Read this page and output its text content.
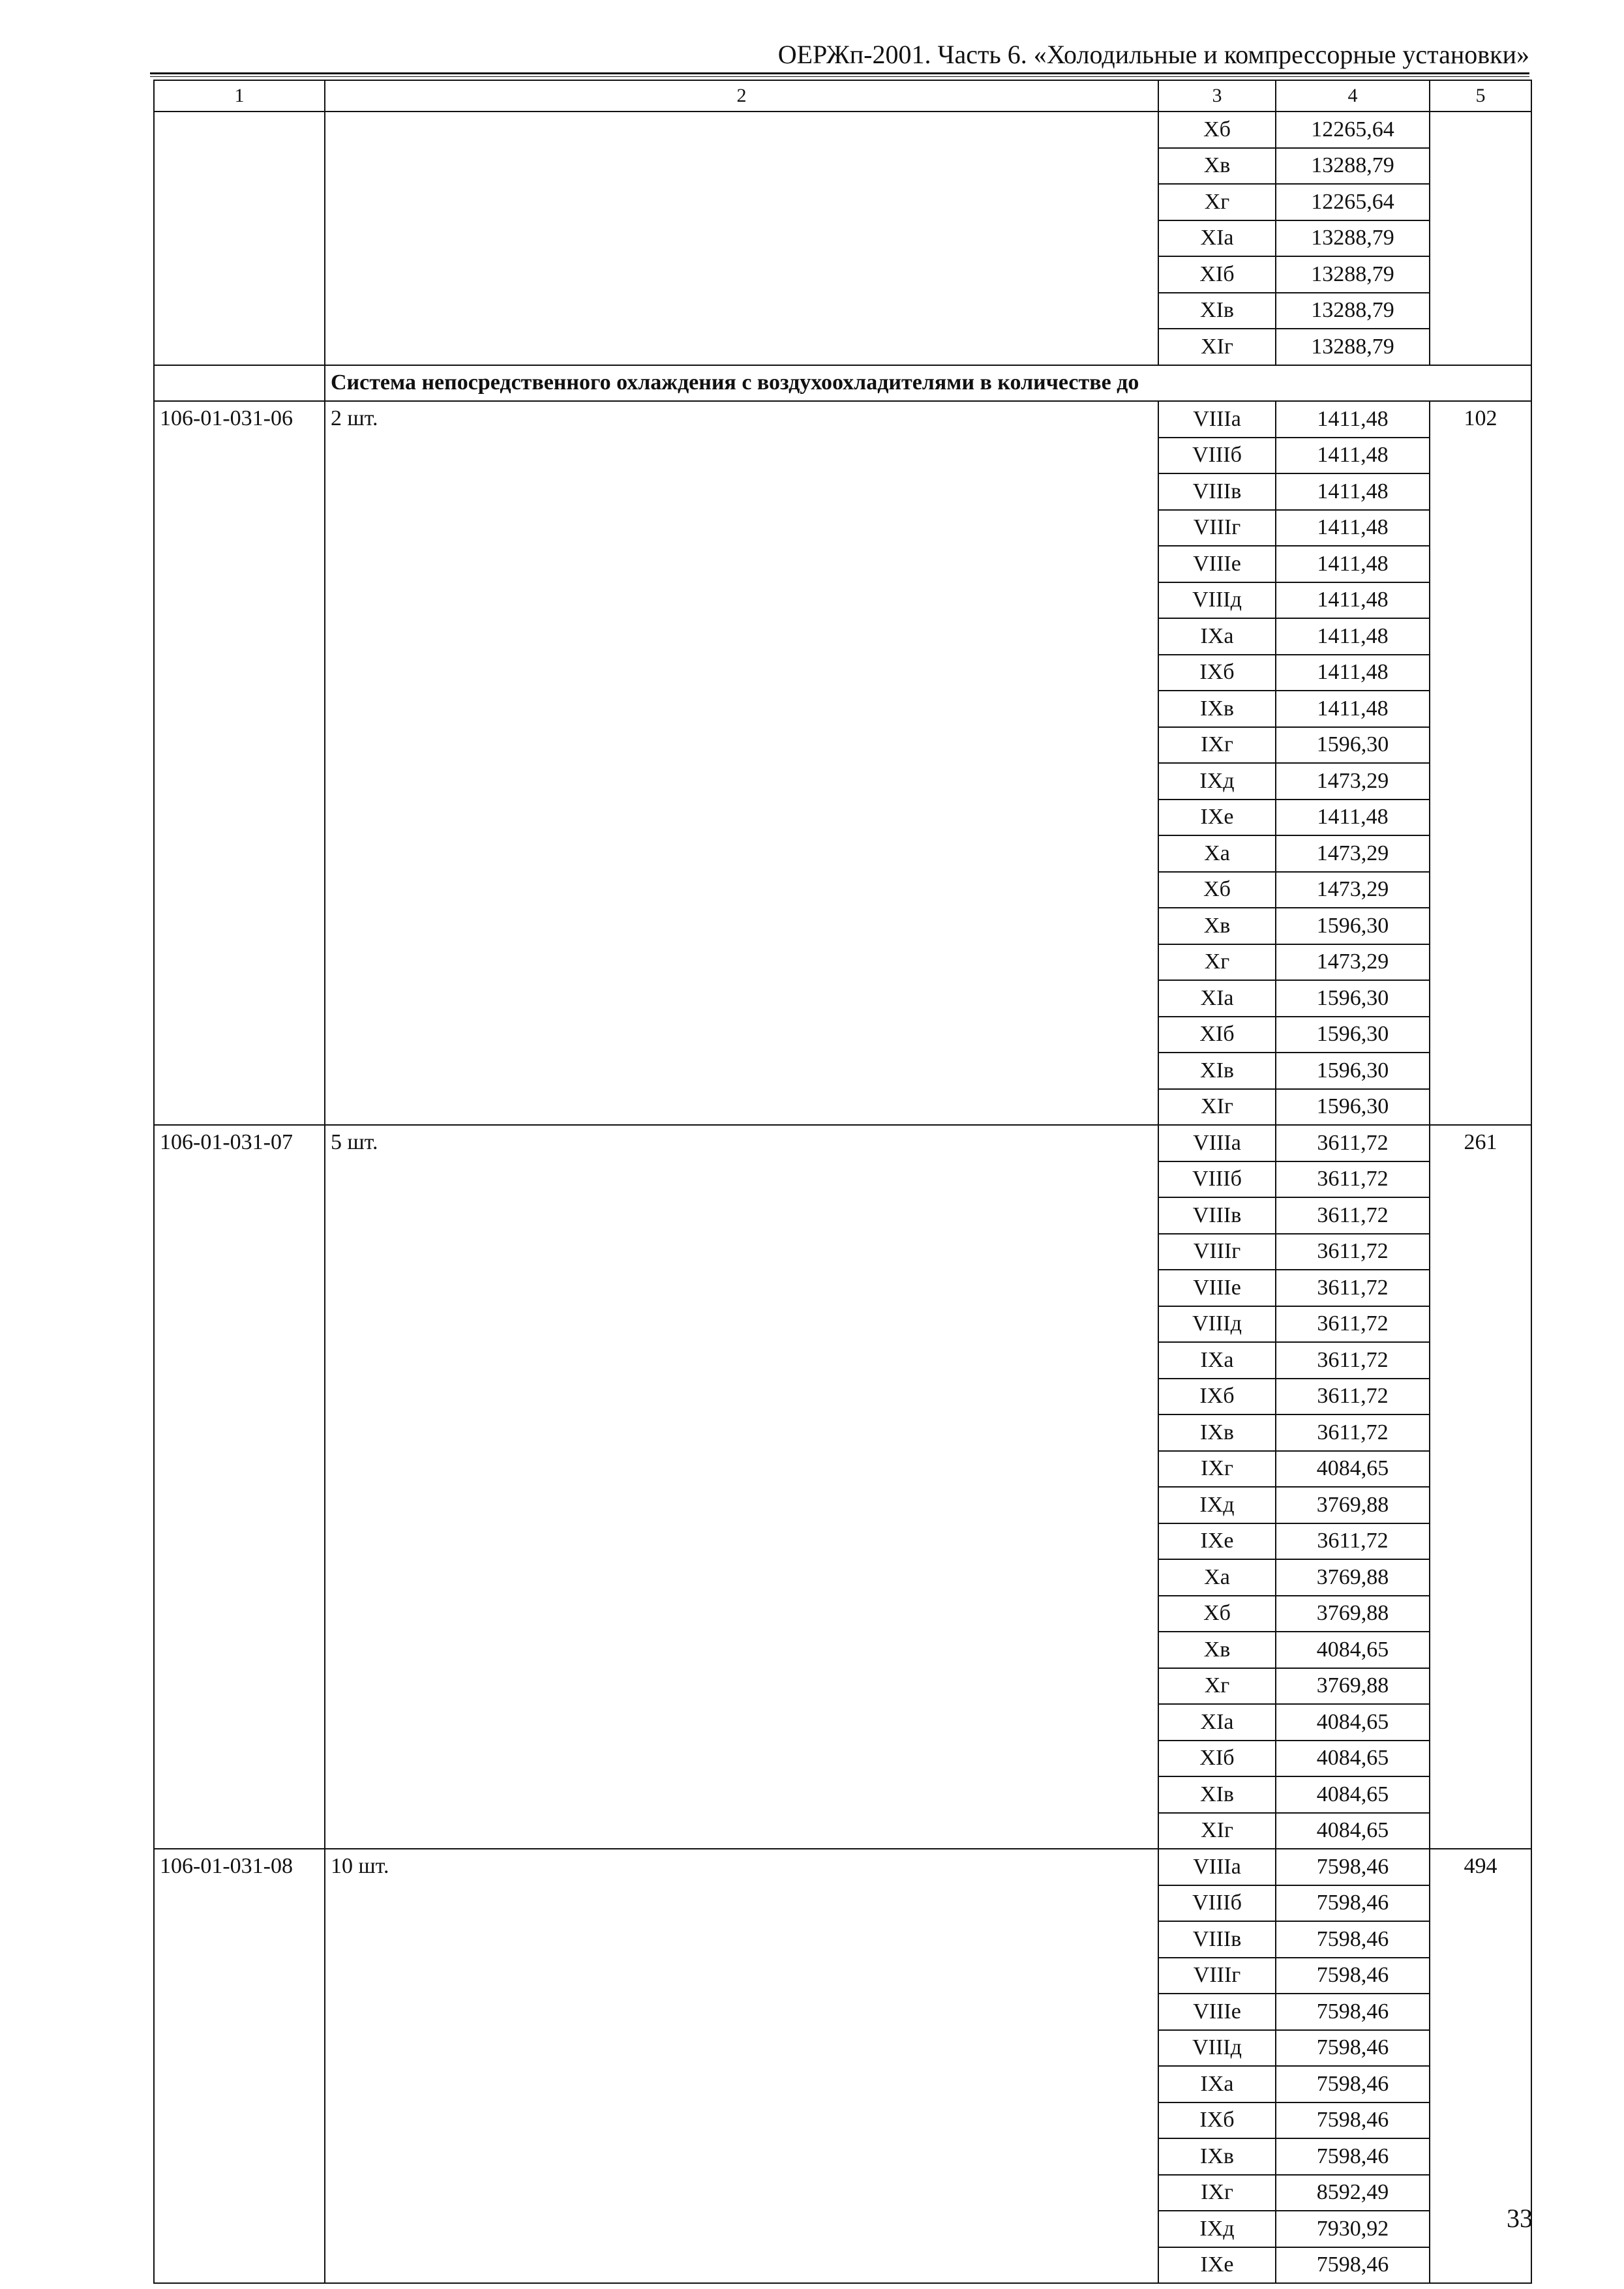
ОЕРЖп-2001. Часть 6. «Холодильные и компрессорные установки»
1	2	3	4	5
		Хб	12265,64	
		Хв	13288,79	
		Хг	12265,64	
		XIа	13288,79	
		XIб	13288,79	
		XIв	13288,79	
		XIг	13288,79	
	Система непосредственного охлаждения с воздухоохладителями в количестве до			
106-01-031-06	2 шт.	VIIIа	1411,48	102
		VIIIб	1411,48	
		VIIIв	1411,48	
		VIIIг	1411,48	
		VIIIе	1411,48	
		VIIIд	1411,48	
		IХа	1411,48	
		IХб	1411,48	
		IХв	1411,48	
		IХг	1596,30	
		IХд	1473,29	
		IХе	1411,48	
		Ха	1473,29	
		Хб	1473,29	
		Хв	1596,30	
		Хг	1473,29	
		XIа	1596,30	
		XIб	1596,30	
		XIв	1596,30	
		XIг	1596,30	
106-01-031-07	5 шт.	VIIIа	3611,72	261
		VIIIб	3611,72	
		VIIIв	3611,72	
		VIIIг	3611,72	
		VIIIе	3611,72	
		VIIIд	3611,72	
		IХа	3611,72	
		IХб	3611,72	
		IХв	3611,72	
		IХг	4084,65	
		IХд	3769,88	
		IХе	3611,72	
		Ха	3769,88	
		Хб	3769,88	
		Хв	4084,65	
		Хг	3769,88	
		XIа	4084,65	
		XIб	4084,65	
		XIв	4084,65	
		XIг	4084,65	
106-01-031-08	10 шт.	VIIIа	7598,46	494
		VIIIб	7598,46	
		VIIIв	7598,46	
		VIIIг	7598,46	
		VIIIе	7598,46	
		VIIIд	7598,46	
		IХа	7598,46	
		IХб	7598,46	
		IХв	7598,46	
		IХг	8592,49	
		IХд	7930,92	
		IХе	7598,46	
33
